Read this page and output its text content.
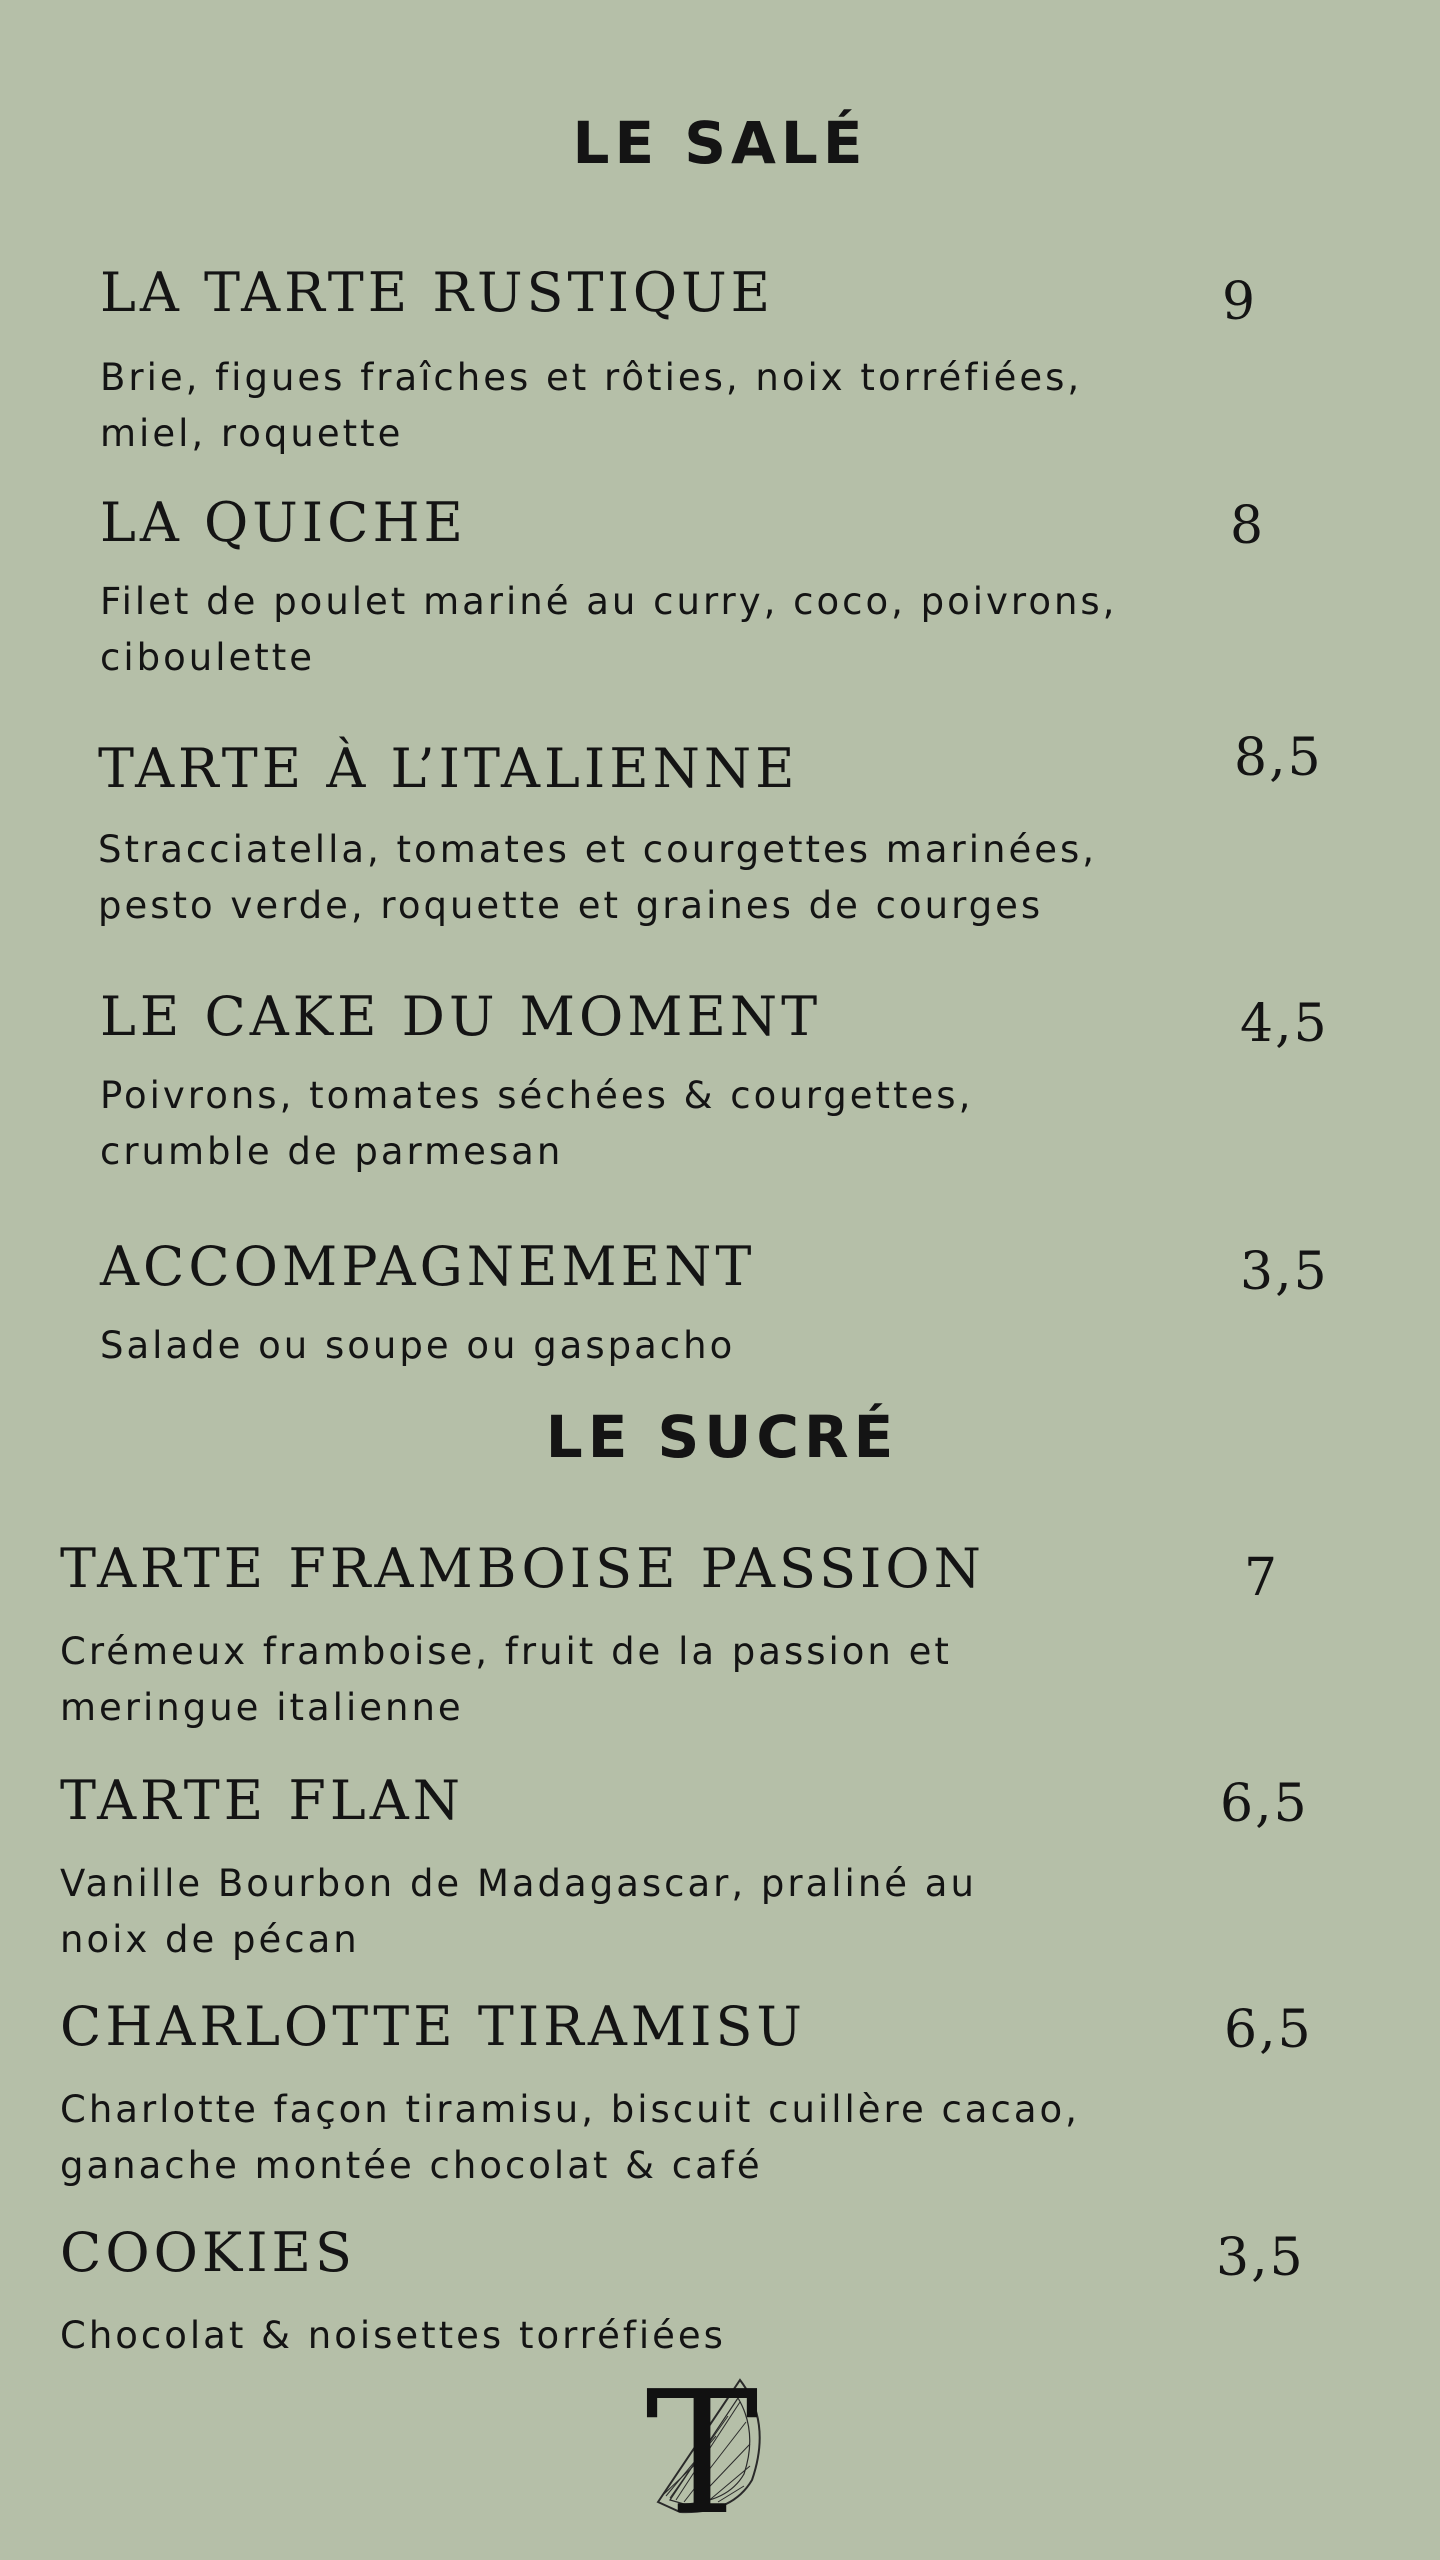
LE SALÉ
LA TARTE RUSTIQUE	9

Brie, figues fraîches et rôties, noix torréfiées,
miel, roquette

LA QUICHE	8

Filet de poulet mariné au curry, coco, poivrons,
ciboulette

TARTE À L’ITALIENNE	8,5

Stracciatella, tomates et courgettes marinées,
pesto verde, roquette et graines de courges

LE CAKE DU MOMENT	4,5

Poivrons, tomates séchées & courgettes,
crumble de parmesan

ACCOMPAGNEMENT	3,5

Salade ou soupe ou gaspacho

LE SUCRÉ
TARTE FRAMBOISE PASSION	7

Crémeux framboise, fruit de la passion et
meringue italienne

TARTE FLAN	6,5

Vanille Bourbon de Madagascar, praliné au
noix de pécan

CHARLOTTE TIRAMISU	6,5

Charlotte façon tiramisu, biscuit cuillère cacao,
ganache montée chocolat & café

COOKIES	3,5

Chocolat & noisettes torréfiées

T
